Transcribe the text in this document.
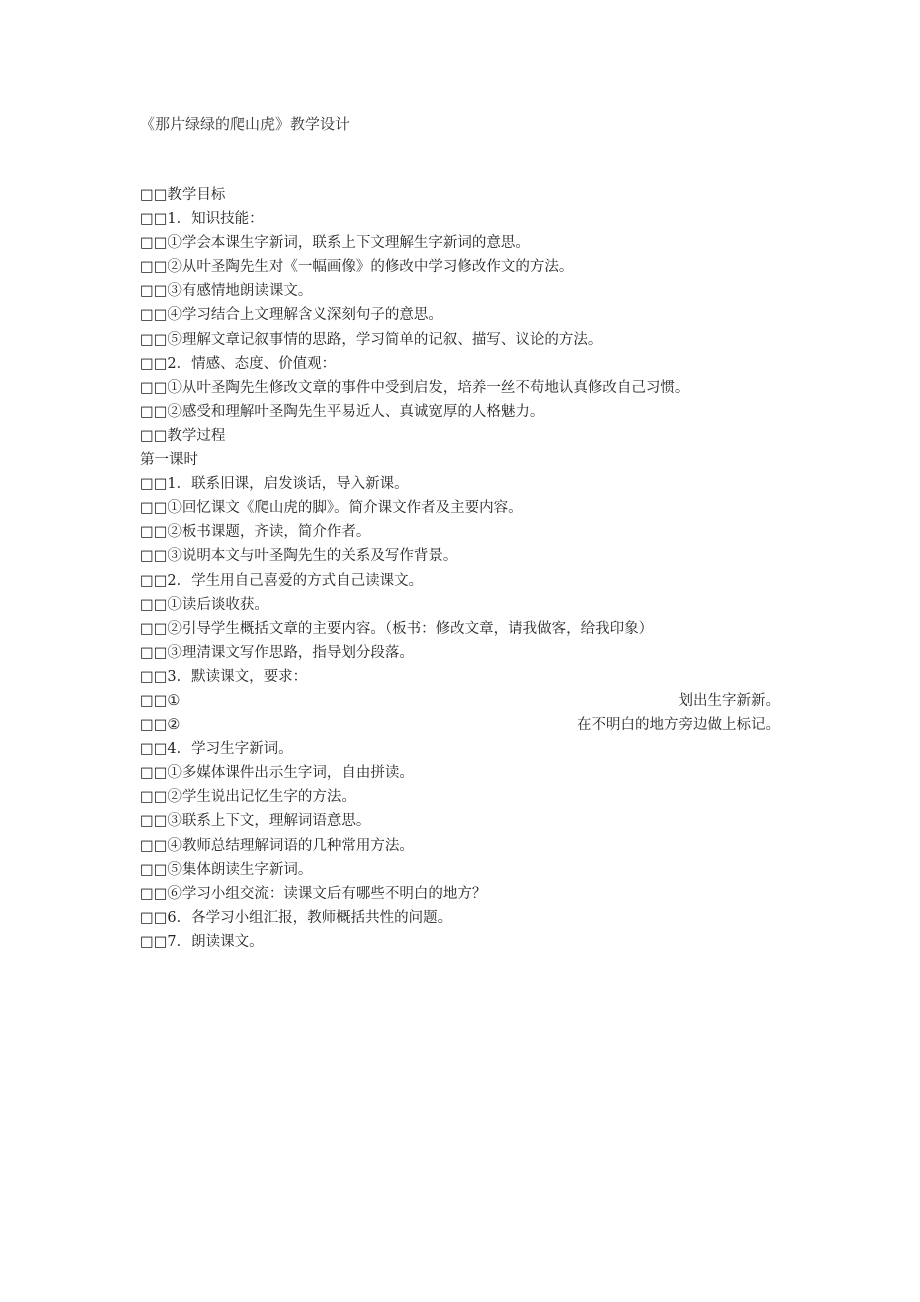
《那片绿绿的爬山虎》教学设计
□□教学目标
□□1．知识技能：
□□①学会本课生字新词，联系上下文理解生字新词的意思。
□□②从叶圣陶先生对《一幅画像》的修改中学习修改作文的方法。
□□③有感情地朗读课文。
□□④学习结合上文理解含义深刻句子的意思。
□□⑤理解文章记叙事情的思路，学习简单的记叙、描写、议论的方法。
□□2．情感、态度、价值观：
□□①从叶圣陶先生修改文章的事件中受到启发，培养一丝不苟地认真修改自己习惯。
□□②感受和理解叶圣陶先生平易近人、真诚宽厚的人格魅力。
□□教学过程
第一课时
□□1．联系旧课，启发谈话，导入新课。
□□①回忆课文《爬山虎的脚》。简介课文作者及主要内容。
□□②板书课题，齐读，简介作者。
□□③说明本文与叶圣陶先生的关系及写作背景。
□□2．学生用自己喜爱的方式自己读课文。
□□①读后谈收获。
□□②引导学生概括文章的主要内容。（板书：修改文章，请我做客，给我印象）
□□③理清课文写作思路，指导划分段落。
□□3．默读课文，要求：
□□①	划出生字新新。
□□②	在不明白的地方旁边做上标记。
□□4．学习生字新词。
□□①多媒体课件出示生字词，自由拼读。
□□②学生说出记忆生字的方法。
□□③联系上下文，理解词语意思。
□□④教师总结理解词语的几种常用方法。
□□⑤集体朗读生字新词。
□□⑥学习小组交流：读课文后有哪些不明白的地方？
□□6．各学习小组汇报，教师概括共性的问题。
□□7．朗读课文。
